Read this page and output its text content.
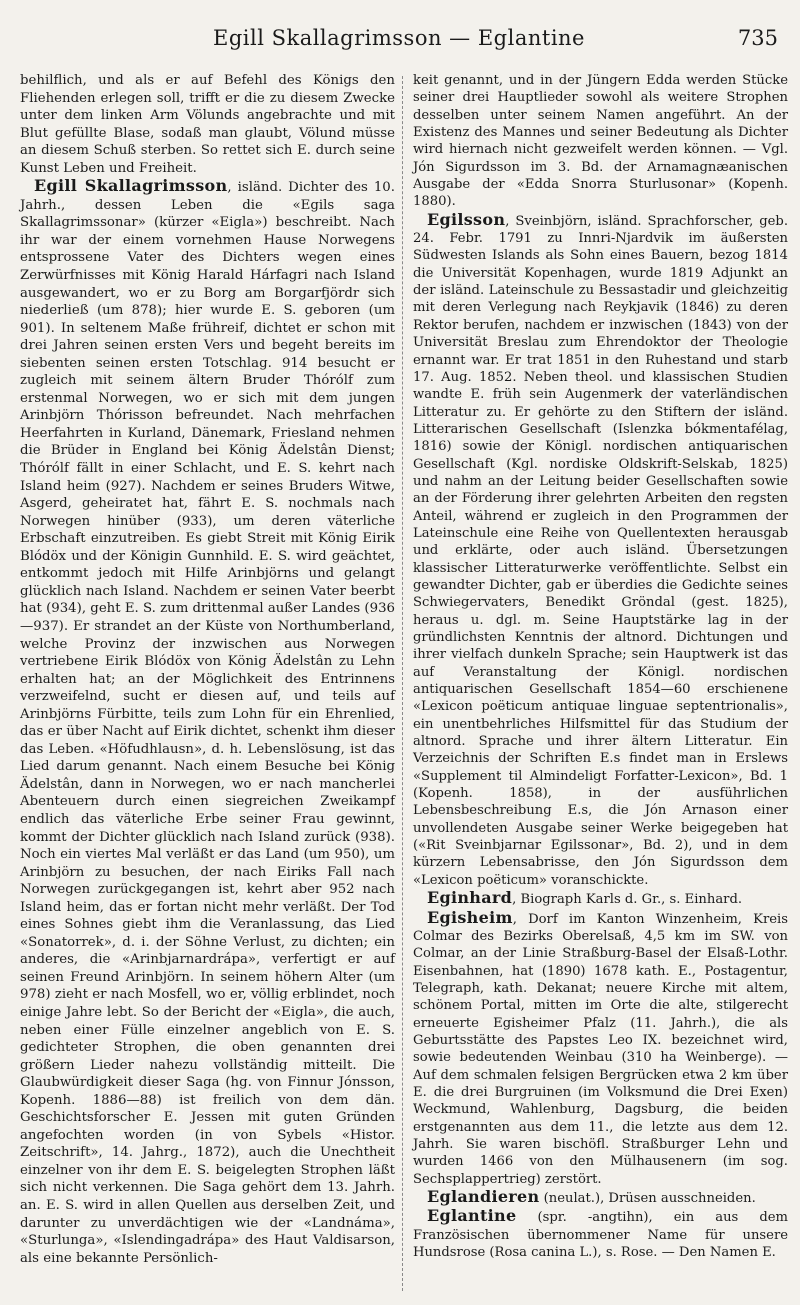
Egill Skallagrimsson — Eglantine	735

behilflich, und als er auf Befehl des Königs den Fliehenden erlegen soll, trifft er die zu diesem Zwecke unter dem linken Arm Völunds angebrachte und mit Blut gefüllte Blase, sodaß man glaubt, Völund müsse an diesem Schuß sterben. So rettet sich E. durch seine Kunst Leben und Freiheit.

Egill Skallagrimsson, isländ. Dichter des 10. Jahrh., dessen Leben die «Egils saga Skallagrimssonar» (kürzer «Eigla») beschreibt. Nach ihr war der einem vornehmen Hause Norwegens entsprossene Vater des Dichters wegen eines Zerwürfnisses mit König Harald Hárfagri nach Island ausgewandert, wo er zu Borg am Borgarfjördr sich niederließ (um 878); hier wurde E. S. geboren (um 901). In seltenem Maße frühreif, dichtet er schon mit drei Jahren seinen ersten Vers und begeht bereits im siebenten seinen ersten Totschlag. 914 besucht er zugleich mit seinem ältern Bruder Thórólf zum erstenmal Norwegen, wo er sich mit dem jungen Arinbjörn Thórisson befreundet. Nach mehrfachen Heerfahrten in Kurland, Dänemark, Friesland nehmen die Brüder in England bei König Ädelstân Dienst; Thórólf fällt in einer Schlacht, und E. S. kehrt nach Island heim (927). Nachdem er seines Bruders Witwe, Asgerd, geheiratet hat, fährt E. S. nochmals nach Norwegen hinüber (933), um deren väterliche Erbschaft einzutreiben. Es giebt Streit mit König Eirik Blódöx und der Königin Gunnhild. E. S. wird geächtet, entkommt jedoch mit Hilfe Arinbjörns und gelangt glücklich nach Island. Nachdem er seinen Vater beerbt hat (934), geht E. S. zum drittenmal außer Landes (936—937). Er strandet an der Küste von Northumberland, welche Provinz der inzwischen aus Norwegen vertriebene Eirik Blódöx von König Ädelstân zu Lehn erhalten hat; an der Möglichkeit des Entrinnens verzweifelnd, sucht er diesen auf, und teils auf Arinbjörns Fürbitte, teils zum Lohn für ein Ehrenlied, das er über Nacht auf Eirik dichtet, schenkt ihm dieser das Leben. «Höfudhlausn», d. h. Lebenslösung, ist das Lied darum genannt. Nach einem Besuche bei König Ädelstân, dann in Norwegen, wo er nach mancherlei Abenteuern durch einen siegreichen Zweikampf endlich das väterliche Erbe seiner Frau gewinnt, kommt der Dichter glücklich nach Island zurück (938). Noch ein viertes Mal verläßt er das Land (um 950), um Arinbjörn zu besuchen, der nach Eiriks Fall nach Norwegen zurückgegangen ist, kehrt aber 952 nach Island heim, das er fortan nicht mehr verläßt. Der Tod eines Sohnes giebt ihm die Veranlassung, das Lied «Sonatorrek», d. i. der Söhne Verlust, zu dichten; ein anderes, die «Arinbjarnardrápa», verfertigt er auf seinen Freund Arinbjörn. In seinem höhern Alter (um 978) zieht er nach Mosfell, wo er, völlig erblindet, noch einige Jahre lebt. So der Bericht der «Eigla», die auch, neben einer Fülle einzelner angeblich von E. S. gedichteter Strophen, die oben genannten drei größern Lieder nahezu vollständig mitteilt. Die Glaubwürdigkeit dieser Saga (hg. von Finnur Jónsson, Kopenh. 1886—88) ist freilich von dem dän. Geschichtsforscher E. Jessen mit guten Gründen angefochten worden (in von Sybels «Histor. Zeitschrift», 14. Jahrg., 1872), auch die Unechtheit einzelner von ihr dem E. S. beigelegten Strophen läßt sich nicht verkennen. Die Saga gehört dem 13. Jahrh. an. E. S. wird in allen Quellen aus derselben Zeit, und darunter zu unverdächtigen wie der «Landnáma», «Sturlunga», «Islendingadrápa» des Haut Valdisarson, als eine bekannte Persönlich-

keit genannt, und in der Jüngern Edda werden Stücke seiner drei Hauptlieder sowohl als weitere Strophen desselben unter seinem Namen angeführt. An der Existenz des Mannes und seiner Bedeutung als Dichter wird hiernach nicht gezweifelt werden können. — Vgl. Jón Sigurdsson im 3. Bd. der Arnamagnæanischen Ausgabe der «Edda Snorra Sturlusonar» (Kopenh. 1880).

Egilsson, Sveinbjörn, isländ. Sprachforscher, geb. 24. Febr. 1791 zu Innri-Njardvik im äußersten Südwesten Islands als Sohn eines Bauern, bezog 1814 die Universität Kopenhagen, wurde 1819 Adjunkt an der isländ. Lateinschule zu Bessastadir und gleichzeitig mit deren Verlegung nach Reykjavik (1846) zu deren Rektor berufen, nachdem er inzwischen (1843) von der Universität Breslau zum Ehrendoktor der Theologie ernannt war. Er trat 1851 in den Ruhestand und starb 17. Aug. 1852. Neben theol. und klassischen Studien wandte E. früh sein Augenmerk der vaterländischen Litteratur zu. Er gehörte zu den Stiftern der isländ. Litterarischen Gesellschaft (Islenzka bókmentafélag, 1816) sowie der Königl. nordischen antiquarischen Gesellschaft (Kgl. nordiske Oldskrift-Selskab, 1825) und nahm an der Leitung beider Gesellschaften sowie an der Förderung ihrer gelehrten Arbeiten den regsten Anteil, während er zugleich in den Programmen der Lateinschule eine Reihe von Quellentexten herausgab und erklärte, oder auch isländ. Übersetzungen klassischer Litteraturwerke veröffentlichte. Selbst ein gewandter Dichter, gab er überdies die Gedichte seines Schwiegervaters, Benedikt Gröndal (gest. 1825), heraus u. dgl. m. Seine Hauptstärke lag in der gründlichsten Kenntnis der altnord. Dichtungen und ihrer vielfach dunkeln Sprache; sein Hauptwerk ist das auf Veranstaltung der Königl. nordischen antiquarischen Gesellschaft 1854—60 erschienene «Lexicon poëticum antiquae linguae septentrionalis», ein unentbehrliches Hilfsmittel für das Studium der altnord. Sprache und ihrer ältern Litteratur. Ein Verzeichnis der Schriften E.s findet man in Erslews «Supplement til Almindeligt Forfatter-Lexicon», Bd. 1 (Kopenh. 1858), in der ausführlichen Lebensbeschreibung E.s, die Jón Arnason einer unvollendeten Ausgabe seiner Werke beigegeben hat («Rit Sveinbjarnar Egilssonar», Bd. 2), und in dem kürzern Lebensabrisse, den Jón Sigurdsson dem «Lexicon poëticum» voranschickte.

Eginhard, Biograph Karls d. Gr., s. Einhard.

Egisheim, Dorf im Kanton Winzenheim, Kreis Colmar des Bezirks Oberelsaß, 4,5 km im SW. von Colmar, an der Linie Straßburg-Basel der Elsaß-Lothr. Eisenbahnen, hat (1890) 1678 kath. E., Postagentur, Telegraph, kath. Dekanat; neuere Kirche mit altem, schönem Portal, mitten im Orte die alte, stilgerecht erneuerte Egisheimer Pfalz (11. Jahrh.), die als Geburtsstätte des Papstes Leo IX. bezeichnet wird, sowie bedeutenden Weinbau (310 ha Weinberge). — Auf dem schmalen felsigen Bergrücken etwa 2 km über E. die drei Burgruinen (im Volksmund die Drei Exen) Weckmund, Wahlenburg, Dagsburg, die beiden erstgenannten aus dem 11., die letzte aus dem 12. Jahrh. Sie waren bischöfl. Straßburger Lehn und wurden 1466 von den Mülhausenern (im sog. Sechsplappertrieg) zerstört.

Eglandieren (neulat.), Drüsen ausschneiden.

Eglantine (spr. -angtihn), ein aus dem Französischen übernommener Name für unsere Hundsrose (Rosa canina L.), s. Rose. — Den Namen E.
